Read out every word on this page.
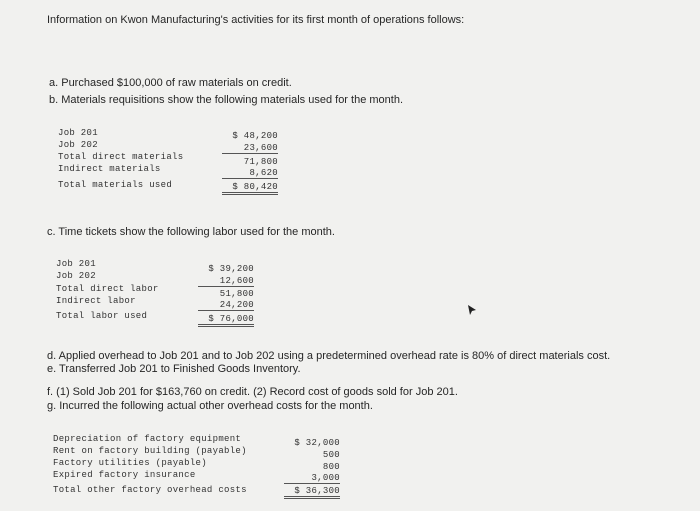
Information on Kwon Manufacturing's activities for its first month of operations follows:
a. Purchased $100,000 of raw materials on credit.
b. Materials requisitions show the following materials used for the month.
Job 201
Job 202
Total direct materials
Indirect materials
Total materials used
$ 48,200
23,600
71,800
8,620
$ 80,420
c. Time tickets show the following labor used for the month.
Job 201
Job 202
Total direct labor
Indirect labor
Total labor used
$ 39,200
12,600
51,800
24,200
$ 76,000
d. Applied overhead to Job 201 and to Job 202 using a predetermined overhead rate is 80% of direct materials cost.
e. Transferred Job 201 to Finished Goods Inventory.
f. (1) Sold Job 201 for $163,760 on credit. (2) Record cost of goods sold for Job 201.
g. Incurred the following actual other overhead costs for the month.
Depreciation of factory equipment
Rent on factory building (payable)
Factory utilities (payable)
Expired factory insurance
Total other factory overhead costs
$ 32,000
500
800
3,000
$ 36,300
